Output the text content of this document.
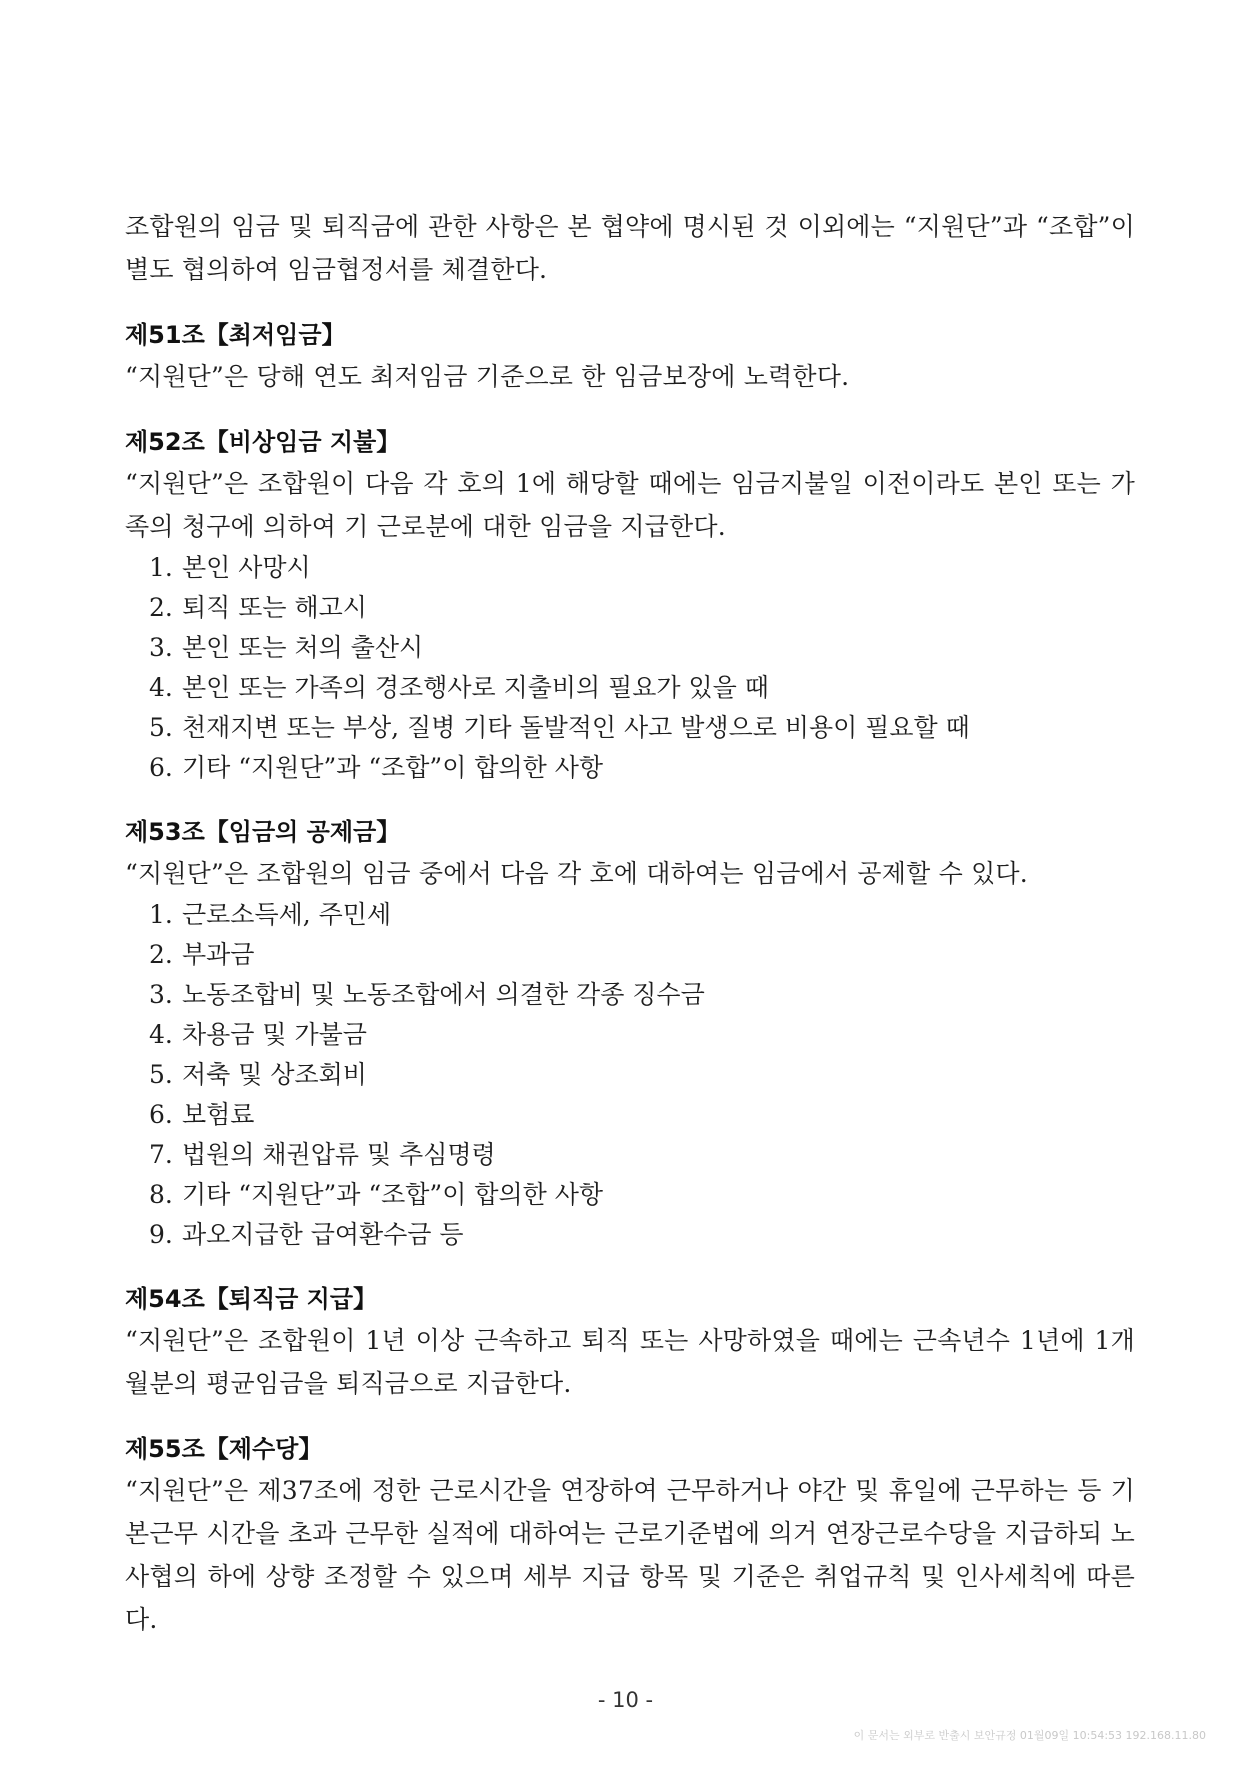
조합원의 임금 및 퇴직금에 관한 사항은 본 협약에 명시된 것 이외에는 “지원단”과 “조합”이 별도 협의하여 임금협정서를 체결한다.

제51조【최저임금】

“지원단”은 당해 연도 최저임금 기준으로 한 임금보장에 노력한다.

제52조【비상임금 지불】

“지원단”은 조합원이 다음 각 호의 1에 해당할 때에는 임금지불일 이전이라도 본인 또는 가족의 청구에 의하여 기 근로분에 대한 임금을 지급한다.

1. 본인 사망시
2. 퇴직 또는 해고시
3. 본인 또는 처의 출산시
4. 본인 또는 가족의 경조행사로 지출비의 필요가 있을 때
5. 천재지변 또는 부상, 질병 기타 돌발적인 사고 발생으로 비용이 필요할 때
6. 기타 “지원단”과 “조합”이 합의한 사항

제53조【임금의 공제금】

“지원단”은 조합원의 임금 중에서 다음 각 호에 대하여는 임금에서 공제할 수 있다.

1. 근로소득세, 주민세
2. 부과금
3. 노동조합비 및 노동조합에서 의결한 각종 징수금
4. 차용금 및 가불금
5. 저축 및 상조회비
6. 보험료
7. 법원의 채권압류 및 추심명령
8. 기타 “지원단”과 “조합”이 합의한 사항
9. 과오지급한 급여환수금 등

제54조【퇴직금 지급】

“지원단”은 조합원이 1년 이상 근속하고 퇴직 또는 사망하였을 때에는 근속년수 1년에 1개월분의 평균임금을 퇴직금으로 지급한다.

제55조【제수당】

“지원단”은 제37조에 정한 근로시간을 연장하여 근무하거나 야간 및 휴일에 근무하는 등 기본근무 시간을 초과 근무한 실적에 대하여는 근로기준법에 의거 연장근로수당을 지급하되 노사협의 하에 상향 조정할 수 있으며 세부 지급 항목 및 기준은 취업규칙 및 인사세칙에 따른다.

- 10 -
이 문서는 외부로 반출시 보안규정 01월09일 10:54:53 192.168.11.80
